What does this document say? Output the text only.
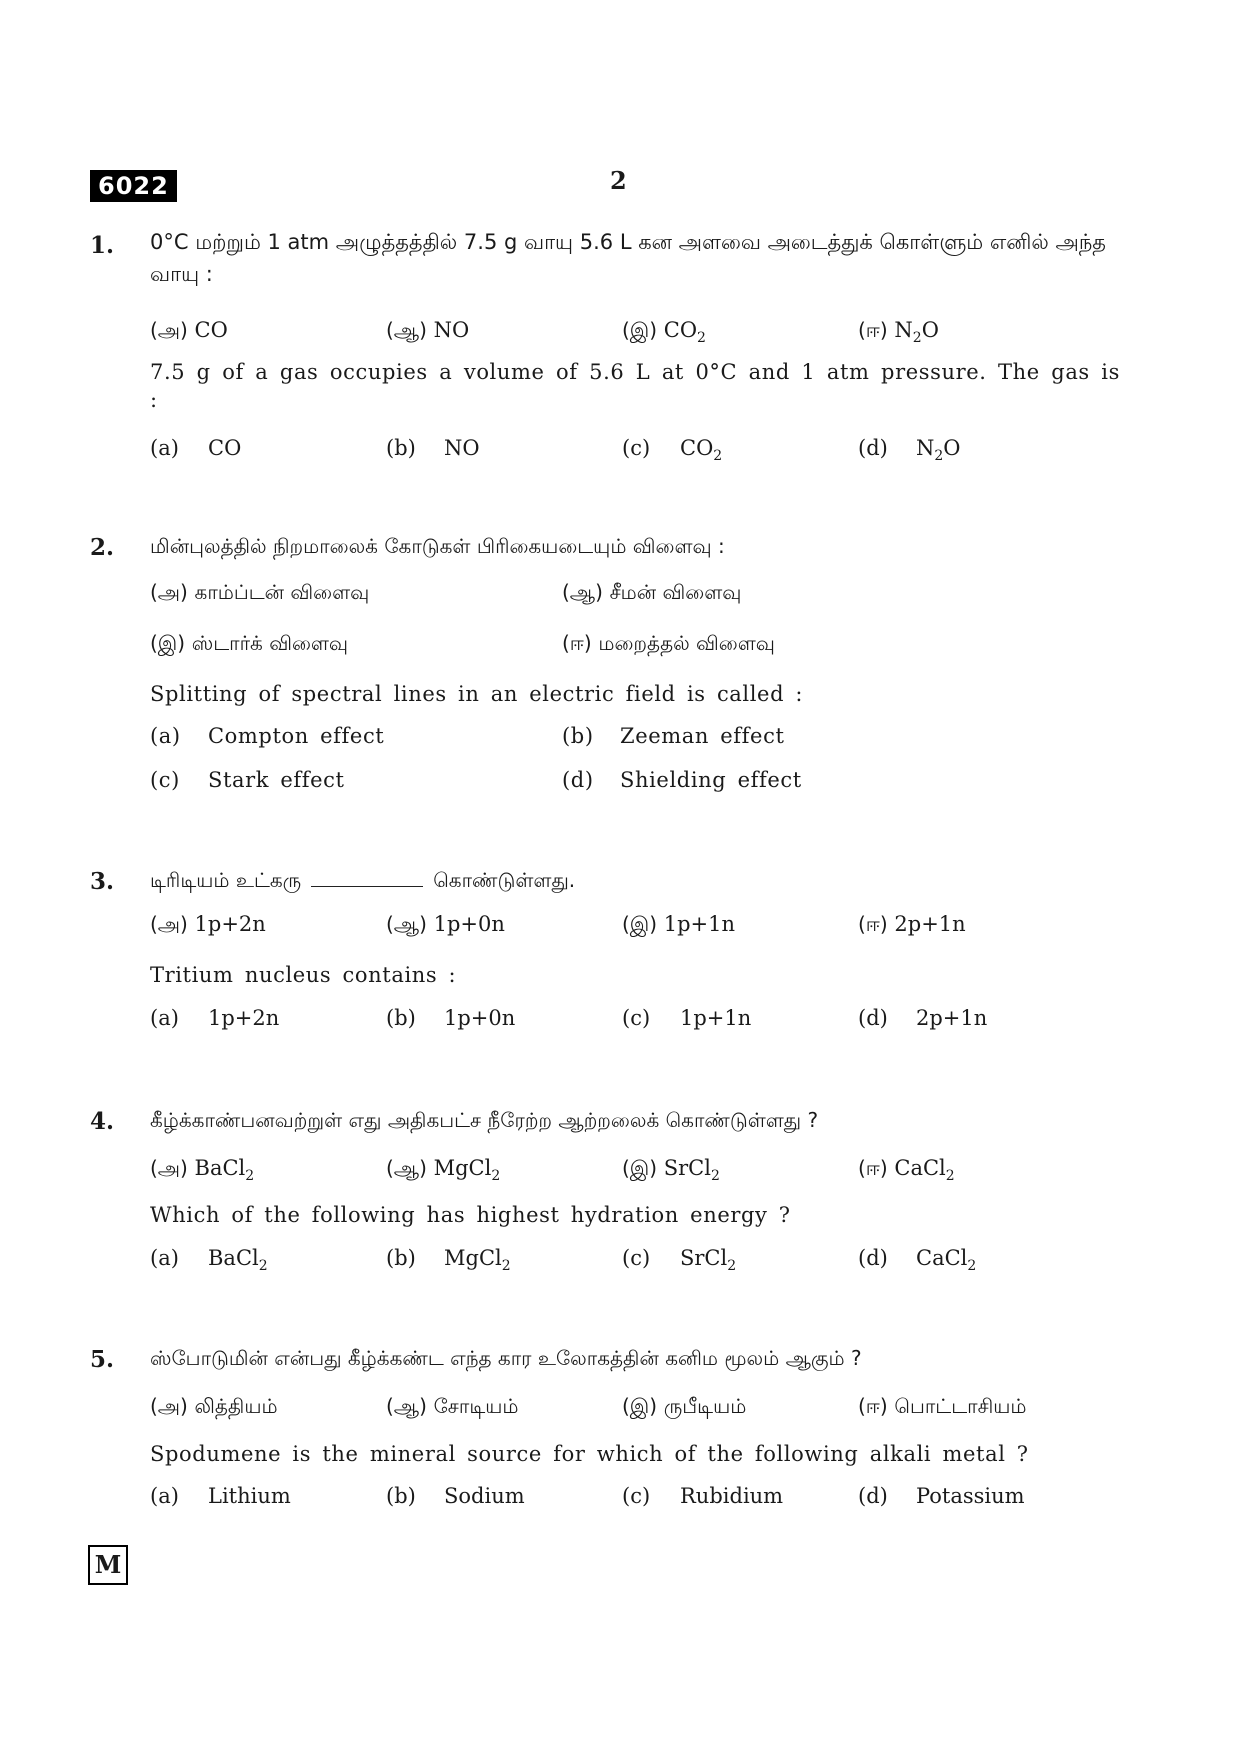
6022	2
1. 0°C மற்றும் 1 atm அழுத்தத்தில் 7.5 g வாயு 5.6 L கன அளவை அடைத்துக் கொள்ளும் எனில் அந்த வாயு :
(அ) CO	(ஆ) NO	(இ) $CO_2$	(ஈ) $N_2O$
7.5 g of a gas occupies a volume of 5.6 L at 0°C and 1 atm pressure. The gas is :
(a) CO	(b) NO	(c) $CO_2$	(d) $N_2O$
2. மின்புலத்தில் நிறமாலைக் கோடுகள் பிரிகையடையும் விளைவு :
(அ) காம்ப்டன் விளைவு	(ஆ) சீமன் விளைவு
(இ) ஸ்டார்க் விளைவு	(ஈ) மறைத்தல் விளைவு
Splitting of spectral lines in an electric field is called :
(a) Compton effect	(b) Zeeman effect
(c) Stark effect	(d) Shielding effect
3. டிரிடியம் உட்கரு	கொண்டுள்ளது.
(அ) 1p+2n	(ஆ) 1p+0n	(இ) 1p+1n	(ஈ) 2p+1n
Tritium nucleus contains :
(a) 1p+2n	(b) 1p+0n	(c) 1p+1n	(d) 2p+1n
4. கீழ்க்காண்பனவற்றுள் எது அதிகபட்ச நீரேற்ற ஆற்றலைக் கொண்டுள்ளது ?
(அ) BaCl$_2$	(ஆ) MgCl$_2$	(இ) SrCl$_2$	(ஈ) CaCl$_2$
Which of the following has highest hydration energy ?
(a) BaCl$_2$	(b) MgCl$_2$	(c) SrCl$_2$	(d) CaCl$_2$
5. ஸ்போடுமின் என்பது கீழ்க்கண்ட எந்த கார உலோகத்தின் கனிம மூலம் ஆகும் ?
(அ) லித்தியம்	(ஆ) சோடியம்	(இ) ருபீடியம்	(ஈ) பொட்டாசியம்
Spodumene is the mineral source for which of the following alkali metal ?
(a) Lithium	(b) Sodium	(c) Rubidium	(d) Potassium
M
